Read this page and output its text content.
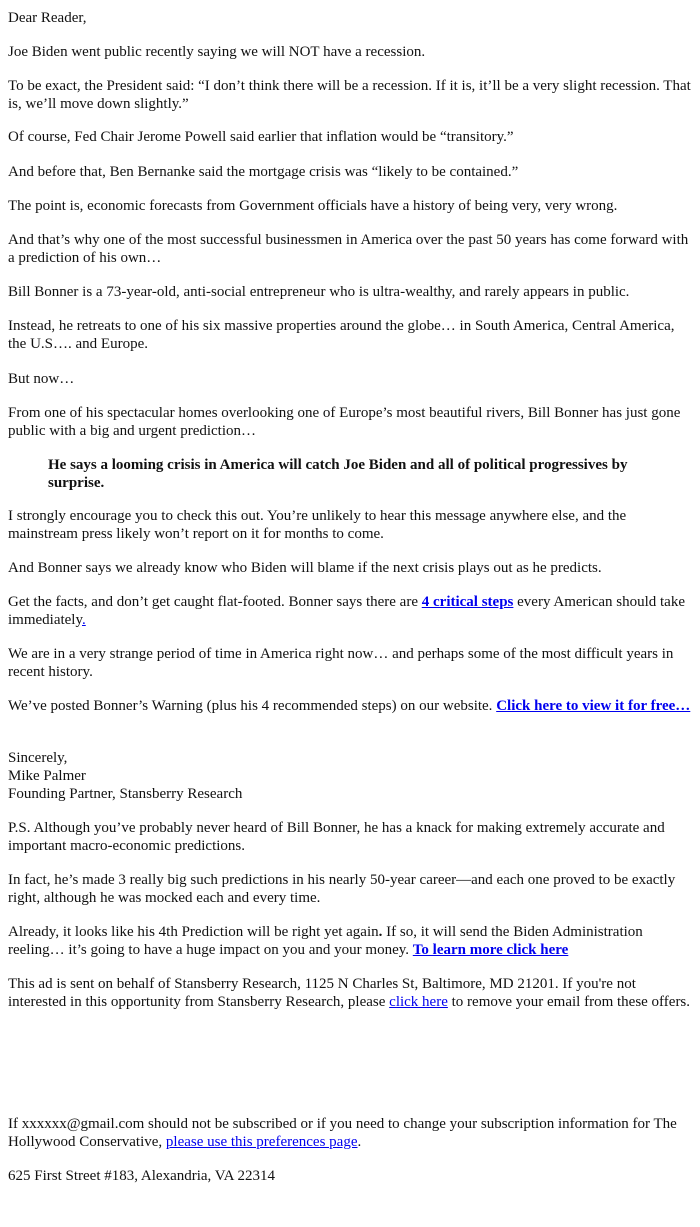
Dear Reader,

Joe Biden went public recently saying we will NOT have a recession.

To be exact, the President said: “I don’t think there will be a recession. If it is, it’ll be a very slight recession. That is, we’ll move down slightly.”

Of course, Fed Chair Jerome Powell said earlier that inflation would be “transitory.”

And before that, Ben Bernanke said the mortgage crisis was “likely to be contained.”

The point is, economic forecasts from Government officials have a history of being very, very wrong.

And that’s why one of the most successful businessmen in America over the past 50 years has come forward with a prediction of his own…

Bill Bonner is a 73-year-old, anti-social entrepreneur who is ultra-wealthy, and rarely appears in public.

Instead, he retreats to one of his six massive properties around the globe… in South America, Central America, the U.S…. and Europe.

But now…

From one of his spectacular homes overlooking one of Europe’s most beautiful rivers, Bill Bonner has just gone public with a big and urgent prediction…

He says a looming crisis in America will catch Joe Biden and all of political progressives by surprise.

I strongly encourage you to check this out. You’re unlikely to hear this message anywhere else, and the mainstream press likely won’t report on it for months to come.

And Bonner says we already know who Biden will blame if the next crisis plays out as he predicts.

Get the facts, and don’t get caught flat-footed. Bonner says there are 4 critical steps every American should take immediately.

We are in a very strange period of time in America right now… and perhaps some of the most difficult years in recent history.

We’ve posted Bonner’s Warning (plus his 4 recommended steps) on our website. Click here to view it for free…

Sincerely,
Mike Palmer
Founding Partner, Stansberry Research

P.S. Although you’ve probably never heard of Bill Bonner, he has a knack for making extremely accurate and important macro-economic predictions.

In fact, he’s made 3 really big such predictions in his nearly 50-year career—and each one proved to be exactly right, although he was mocked each and every time.

Already, it looks like his 4th Prediction will be right yet again. If so, it will send the Biden Administration reeling… it’s going to have a huge impact on you and your money. To learn more click here

This ad is sent on behalf of Stansberry Research, 1125 N Charles St, Baltimore, MD 21201. If you're not interested in this opportunity from Stansberry Research, please click here to remove your email from these offers.

If xxxxxx@gmail.com should not be subscribed or if you need to change your subscription information for The Hollywood Conservative, please use this preferences page.

625 First Street #183, Alexandria, VA 22314
